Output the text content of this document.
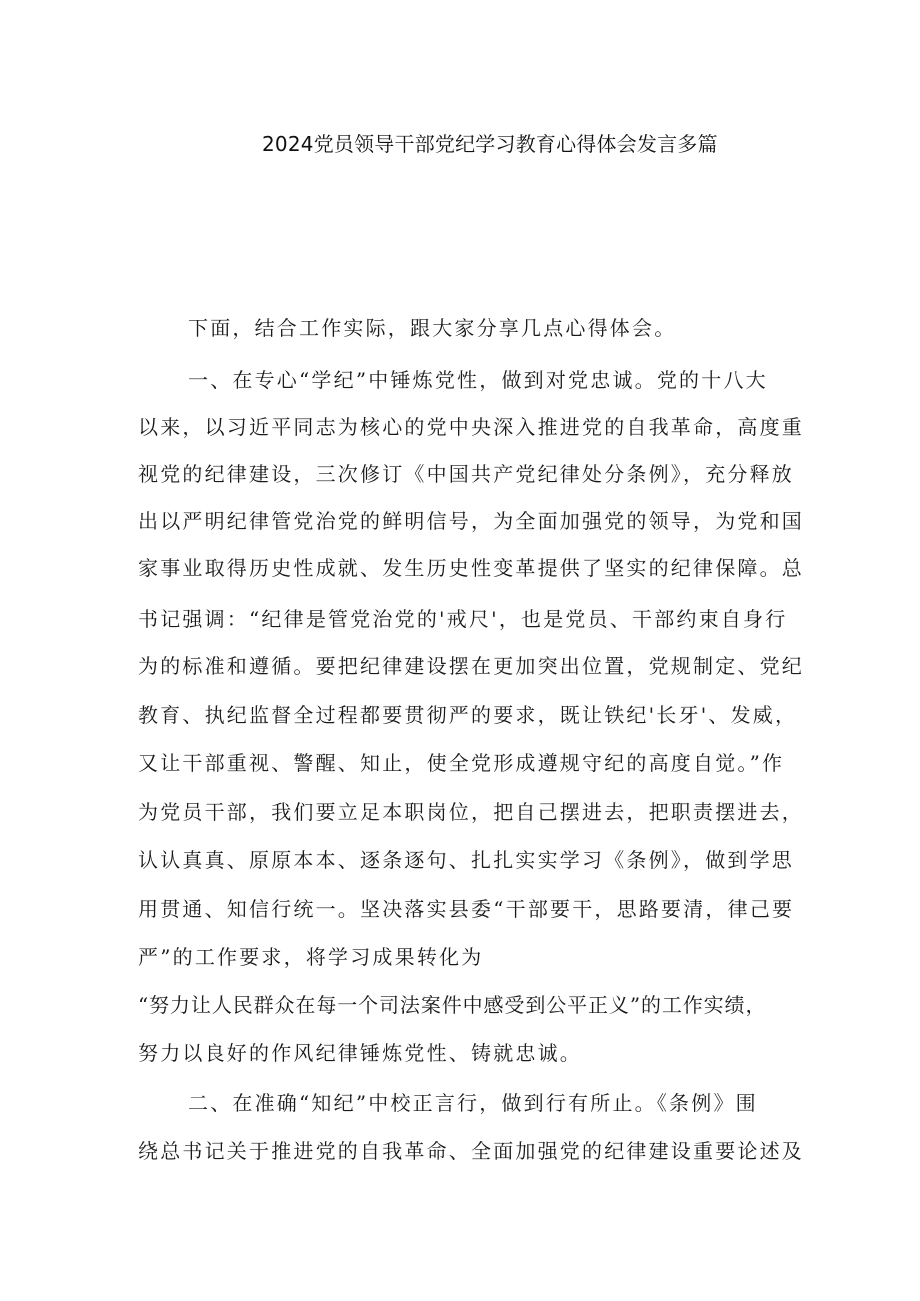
2024党员领导干部党纪学习教育心得体会发言多篇

下面，结合工作实际，跟大家分享几点心得体会。

一、在专心“学纪”中锤炼党性，做到对党忠诚。党的十八大

以来，以习近平同志为核心的党中央深入推进党的自我革命，高度重

视党的纪律建设，三次修订《中国共产党纪律处分条例》，充分释放

出以严明纪律管党治党的鲜明信号，为全面加强党的领导，为党和国

家事业取得历史性成就、发生历史性变革提供了坚实的纪律保障。总

书记强调：“纪律是管党治党的'戒尺'，也是党员、干部约束自身行

为的标准和遵循。要把纪律建设摆在更加突出位置，党规制定、党纪

教育、执纪监督全过程都要贯彻严的要求，既让铁纪'长牙'、发威，

又让干部重视、警醒、知止，使全党形成遵规守纪的高度自觉。”作

为党员干部，我们要立足本职岗位，把自己摆进去，把职责摆进去，

认认真真、原原本本、逐条逐句、扎扎实实学习《条例》，做到学思

用贯通、知信行统一。坚决落实县委“干部要干，思路要清，律己要

严”的工作要求，将学习成果转化为

“努力让人民群众在每一个司法案件中感受到公平正义”的工作实绩，

努力以良好的作风纪律锤炼党性、铸就忠诚。

二、在准确“知纪”中校正言行，做到行有所止。《条例》围

绕总书记关于推进党的自我革命、全面加强党的纪律建设重要论述及
